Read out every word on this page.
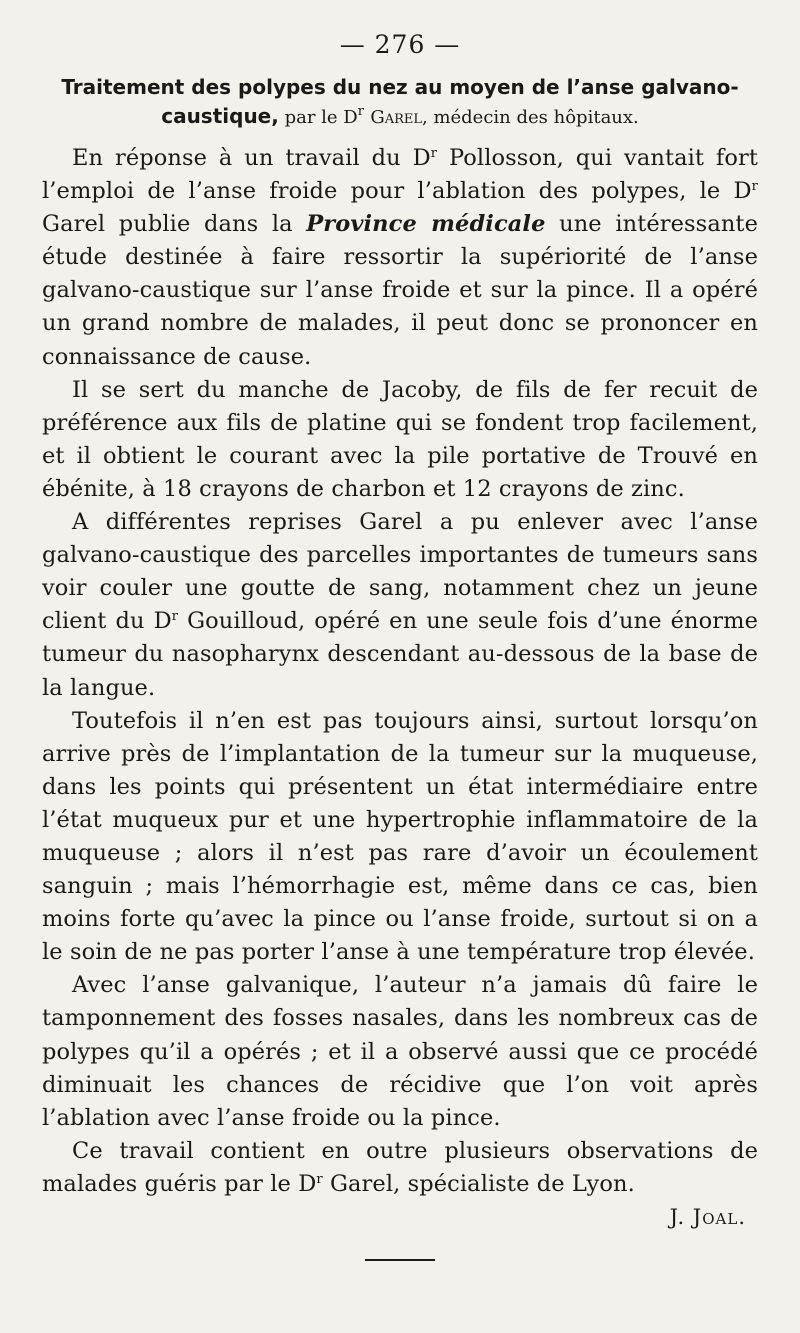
— 276 —
Traitement des polypes du nez au moyen de l’anse galvano-caustique, par le $D^r$ Garel, médecin des hôpitaux.

En réponse à un travail du $D^r$ Pollosson, qui vantait fort l’emploi de l’anse froide pour l’ablation des polypes, le $D^r$ Garel publie dans la Province médicale une intéressante étude destinée à faire ressortir la supériorité de l’anse galvano-caustique sur l’anse froide et sur la pince. Il a opéré un grand nombre de malades, il peut donc se prononcer en connaissance de cause.

Il se sert du manche de Jacoby, de fils de fer recuit de préférence aux fils de platine qui se fondent trop facilement, et il obtient le courant avec la pile portative de Trouvé en ébénite, à 18 crayons de charbon et 12 crayons de zinc.

A différentes reprises Garel a pu enlever avec l’anse galvano-caustique des parcelles importantes de tumeurs sans voir couler une goutte de sang, notamment chez un jeune client du $D^r$ Gouilloud, opéré en une seule fois d’une énorme tumeur du nasopharynx descendant au-dessous de la base de la langue.

Toutefois il n’en est pas toujours ainsi, surtout lorsqu’on arrive près de l’implantation de la tumeur sur la muqueuse, dans les points qui présentent un état intermédiaire entre l’état muqueux pur et une hypertrophie inflammatoire de la muqueuse ; alors il n’est pas rare d’avoir un écoulement sanguin ; mais l’hémorrhagie est, même dans ce cas, bien moins forte qu’avec la pince ou l’anse froide, surtout si on a le soin de ne pas porter l’anse à une température trop élevée.

Avec l’anse galvanique, l’auteur n’a jamais dû faire le tamponnement des fosses nasales, dans les nombreux cas de polypes qu’il a opérés ; et il a observé aussi que ce procédé diminuait les chances de récidive que l’on voit après l’ablation avec l’anse froide ou la pince.

Ce travail contient en outre plusieurs observations de malades guéris par le $D^r$ Garel, spécialiste de Lyon.

J. Joal.
